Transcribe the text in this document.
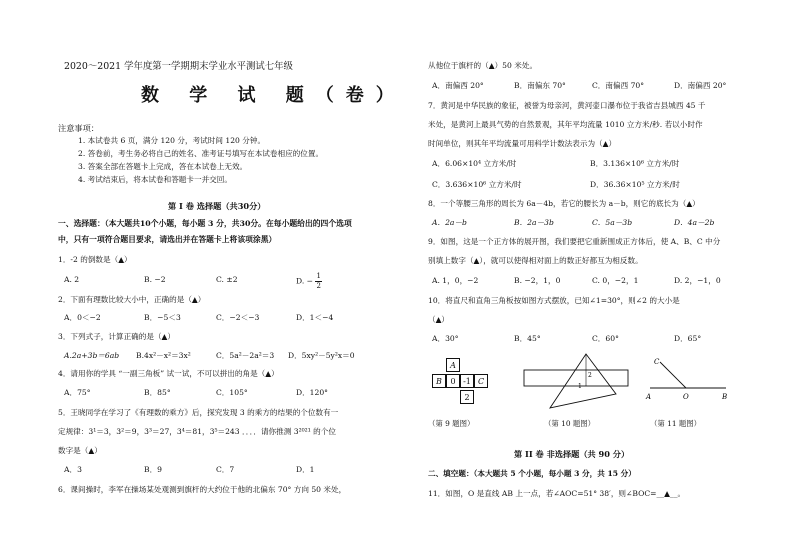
2020～2021 学年度第一学期期末学业水平测试七年级
数 学 试 题（卷）
注意事项：
1. 本试卷共 6 页，满分 120 分，考试时间 120 分钟。
2. 答卷前，考生务必将自己的姓名、准考证号填写在本试卷相应的位置。
3. 答案全部在答题卡上完成，答在本试卷上无效。
4. 考试结束后，将本试卷和答题卡一并交回。
第 I 卷 选择题（共30分）
一、选择题：（本大题共10个小题，每小题 3 分，共30分。在每小题给出的四个选项
中，只有一项符合题目要求，请选出并在答题卡上将该项涂黑）
1．-2 的倒数是（▲）
A. 2	B. −2	C. ±2	D. − $\frac{1}{2}$
2．下面有理数比较大小中，正确的是（▲）
A．0＜−2	B．−5＜3	C．−2＜−3	D．1＜−4
3．下列式子，计算正确的是（▲）
A.2a+3b＝6ab B.4x²－x²＝3x²	C．5a²－2a²＝3 D．5xy²－5y²x＝0
4．请用你的学具 “一副三角板” 试一试，不可以拼出的角是（▲）
A．75°	B．85°	C．105°	D．120°
5．王晓同学在学习了《有理数的乘方》后，探究发现 3 的乘方的结果的个位数有一
定规律：3¹＝3，3²＝9，3³＝27，3⁴＝81，3⁵＝243 ．．．．请你推测 3²⁰²¹ 的个位
数字是（▲）
A．3	B．9	C．7	D．1
6．课间操时，李军在操场某处观测到旗杆的大约位于他的北偏东 70° 方向 50 米处，
从他位于旗杆的（▲）50 米处。
A．南偏西 20°	B．南偏东 70°	C．南偏西 70°	D．南偏西 20°
7．黄河是中华民族的象征，被誉为母亲河，黄河壶口瀑布位于我省吉县城西 45 千
米处，是黄河上最具气势的自然景观，其年平均流量 1010 立方米/秒. 若以小时作
时间单位，则其年平均流量可用科学计数法表示为（▲）
A．6.06×10⁴ 立方米/时	B．3.136×10⁶ 立方米/时
C．3.636×10⁶ 立方米/时	D．36.36×10⁵ 立方米/时
8．一个等腰三角形的周长为 6a－4b，若它的腰长为 a－b，则它的底长为（▲）
A．2a－b	B．2a－3b	C．5a－3b	D．4a－2b
9．如图，这是一个正方体的展开图，我们要把它重新围成正方体后，使 A、B、C 中分
别填上数字（▲），就可以使得相对面上的数正好都互为相反数。
A. 1，0，−2	B. −2，1，0	C. 0，−2，1	D. 2，−1，0
10．将直尺和直角三角板按如图方式摆放，已知∠1=30°，则∠2 的大小是
（▲）
A．30°	B．45°	C．60°	D．65°
A
B	0 -1 C
2
（第 9 题图）
2
1
（第 10 题图）
C
A	O	B
（第 11 题图）
第 II 卷 非选择题（共 90 分）
二、填空题：（本大题共 5 个小题，每小题 3 分，共 15 分）
11．如图，O 是直线 AB 上一点，若∠AOC=51° 38′，则∠BOC=__▲__。
